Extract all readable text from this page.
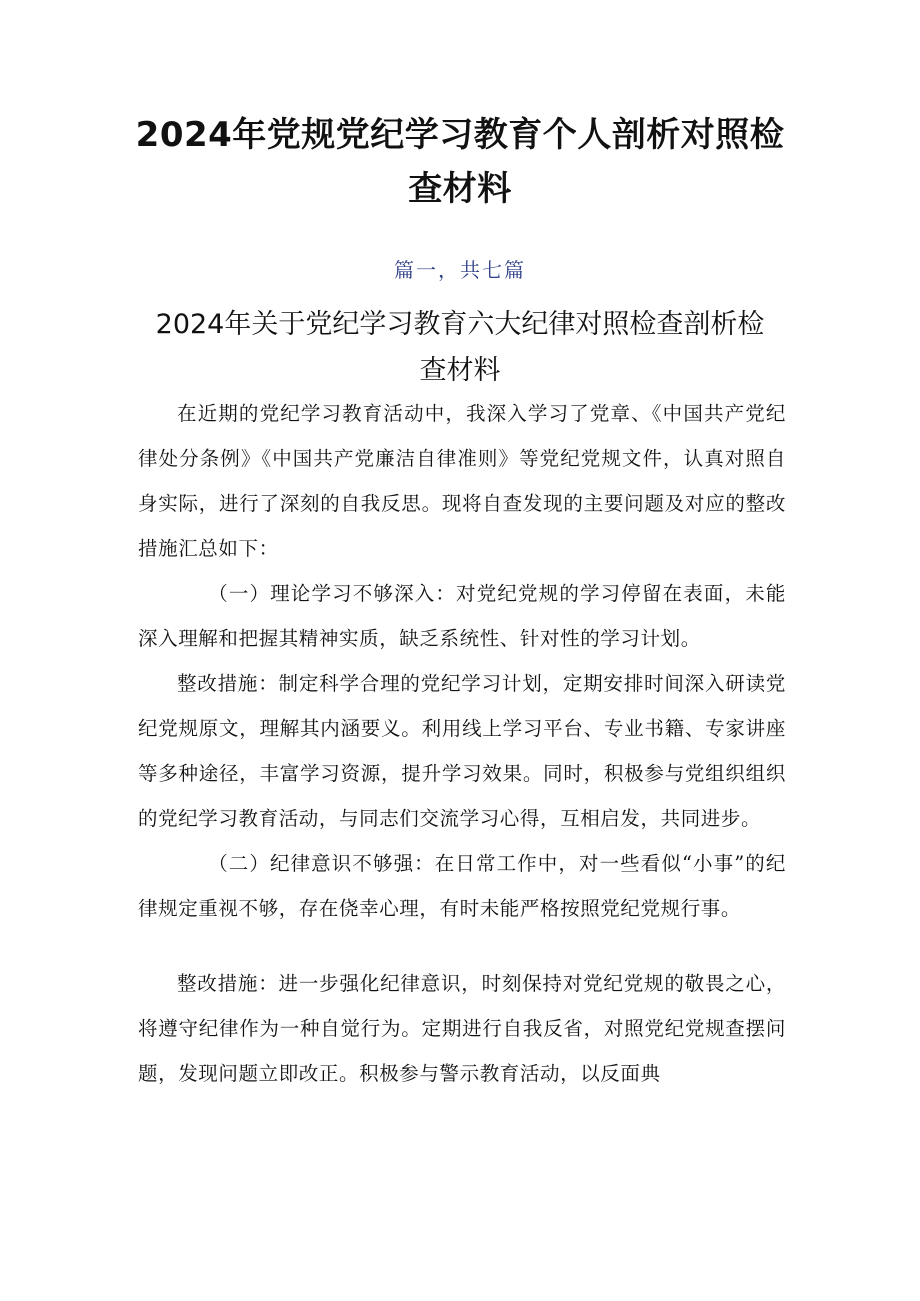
2024年党规党纪学习教育个人剖析对照检查材料
篇一，共七篇
2024年关于党纪学习教育六大纪律对照检查剖析检查材料

在近期的党纪学习教育活动中，我深入学习了党章、《中国共产党纪律处分条例》《中国共产党廉洁自律准则》等党纪党规文件，认真对照自身实际，进行了深刻的自我反思。现将自查发现的主要问题及对应的整改措施汇总如下：

（一）理论学习不够深入：对党纪党规的学习停留在表面，未能深入理解和把握其精神实质，缺乏系统性、针对性的学习计划。

整改措施：制定科学合理的党纪学习计划，定期安排时间深入研读党纪党规原文，理解其内涵要义。利用线上学习平台、专业书籍、专家讲座等多种途径，丰富学习资源，提升学习效果。同时，积极参与党组织组织的党纪学习教育活动，与同志们交流学习心得，互相启发，共同进步。

（二）纪律意识不够强：在日常工作中，对一些看似“小事”的纪律规定重视不够，存在侥幸心理，有时未能严格按照党纪党规行事。

整改措施：进一步强化纪律意识，时刻保持对党纪党规的敬畏之心，将遵守纪律作为一种自觉行为。定期进行自我反省，对照党纪党规查摆问题，发现问题立即改正。积极参与警示教育活动，以反面典
